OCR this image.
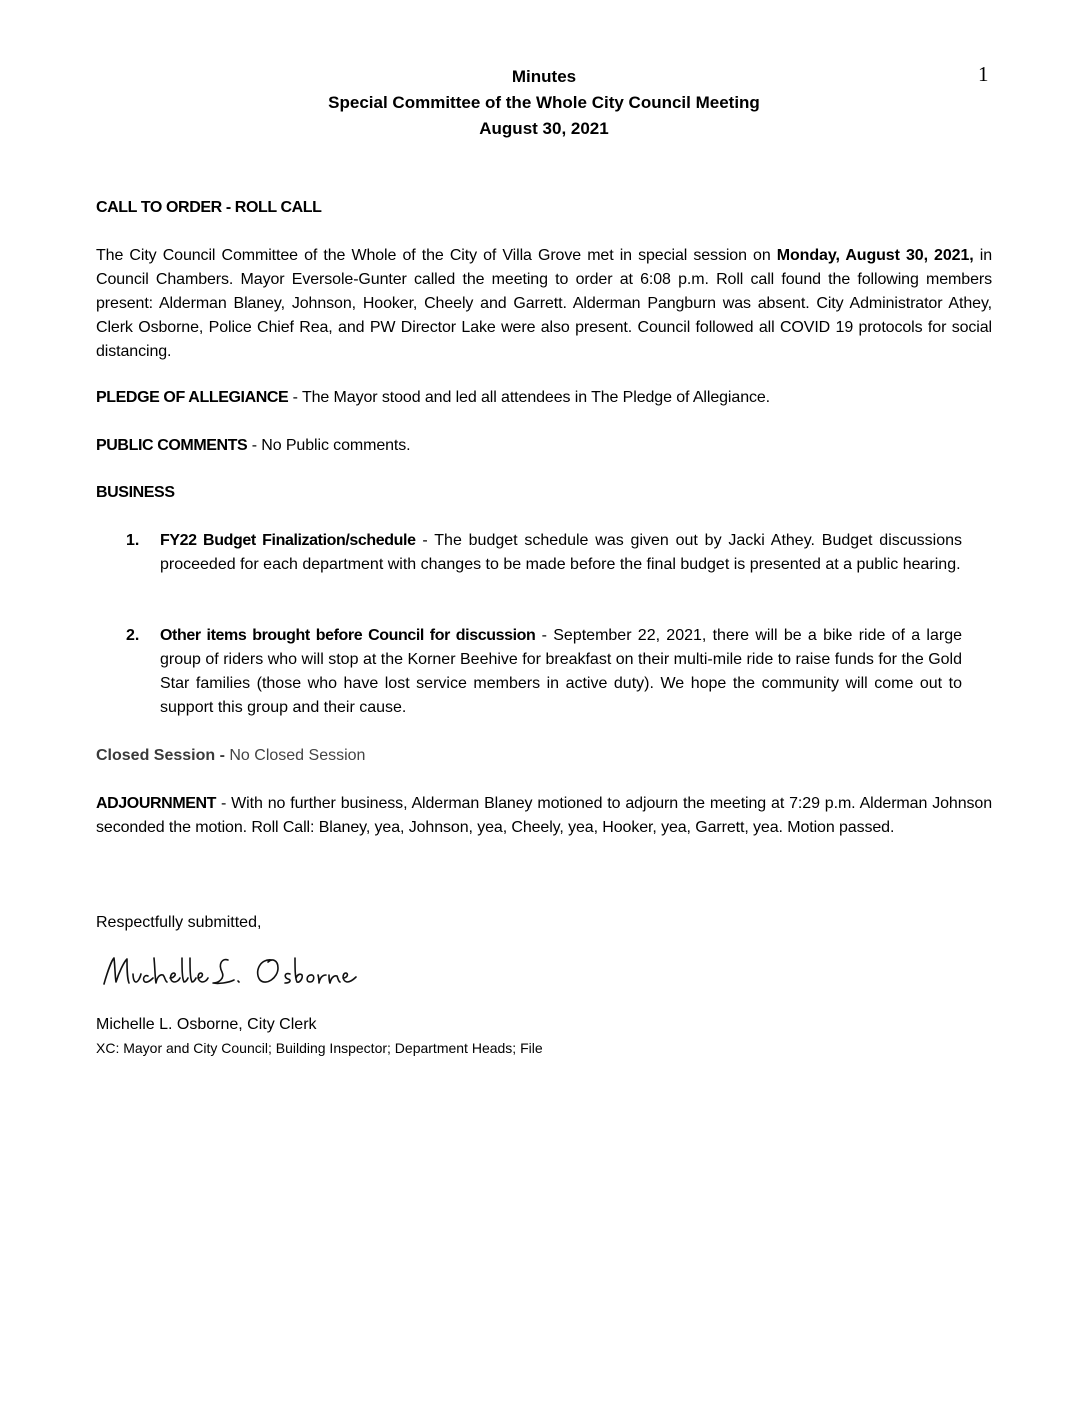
1
Minutes
Special Committee of the Whole City Council Meeting
August 30, 2021
CALL TO ORDER - ROLL CALL
The City Council Committee of the Whole of the City of Villa Grove met in special session on Monday, August 30, 2021, in Council Chambers. Mayor Eversole-Gunter called the meeting to order at 6:08 p.m. Roll call found the following members present: Alderman Blaney, Johnson, Hooker, Cheely and Garrett. Alderman Pangburn was absent. City Administrator Athey, Clerk Osborne, Police Chief Rea, and PW Director Lake were also present. Council followed all COVID 19 protocols for social distancing.
PLEDGE OF ALLEGIANCE - The Mayor stood and led all attendees in The Pledge of Allegiance.
PUBLIC COMMENTS - No Public comments.
BUSINESS
1.	FY22 Budget Finalization/schedule - The budget schedule was given out by Jacki Athey. Budget discussions proceeded for each department with changes to be made before the final budget is presented at a public hearing.
2.	Other items brought before Council for discussion - September 22, 2021, there will be a bike ride of a large group of riders who will stop at the Korner Beehive for breakfast on their multi-mile ride to raise funds for the Gold Star families (those who have lost service members in active duty). We hope the community will come out to support this group and their cause.
Closed Session - No Closed Session
ADJOURNMENT - With no further business, Alderman Blaney motioned to adjourn the meeting at 7:29 p.m. Alderman Johnson seconded the motion. Roll Call: Blaney, yea, Johnson, yea, Cheely, yea, Hooker, yea, Garrett, yea. Motion passed.
Respectfully submitted,
Michelle L. Osborne, City Clerk
XC: Mayor and City Council; Building Inspector; Department Heads; File
